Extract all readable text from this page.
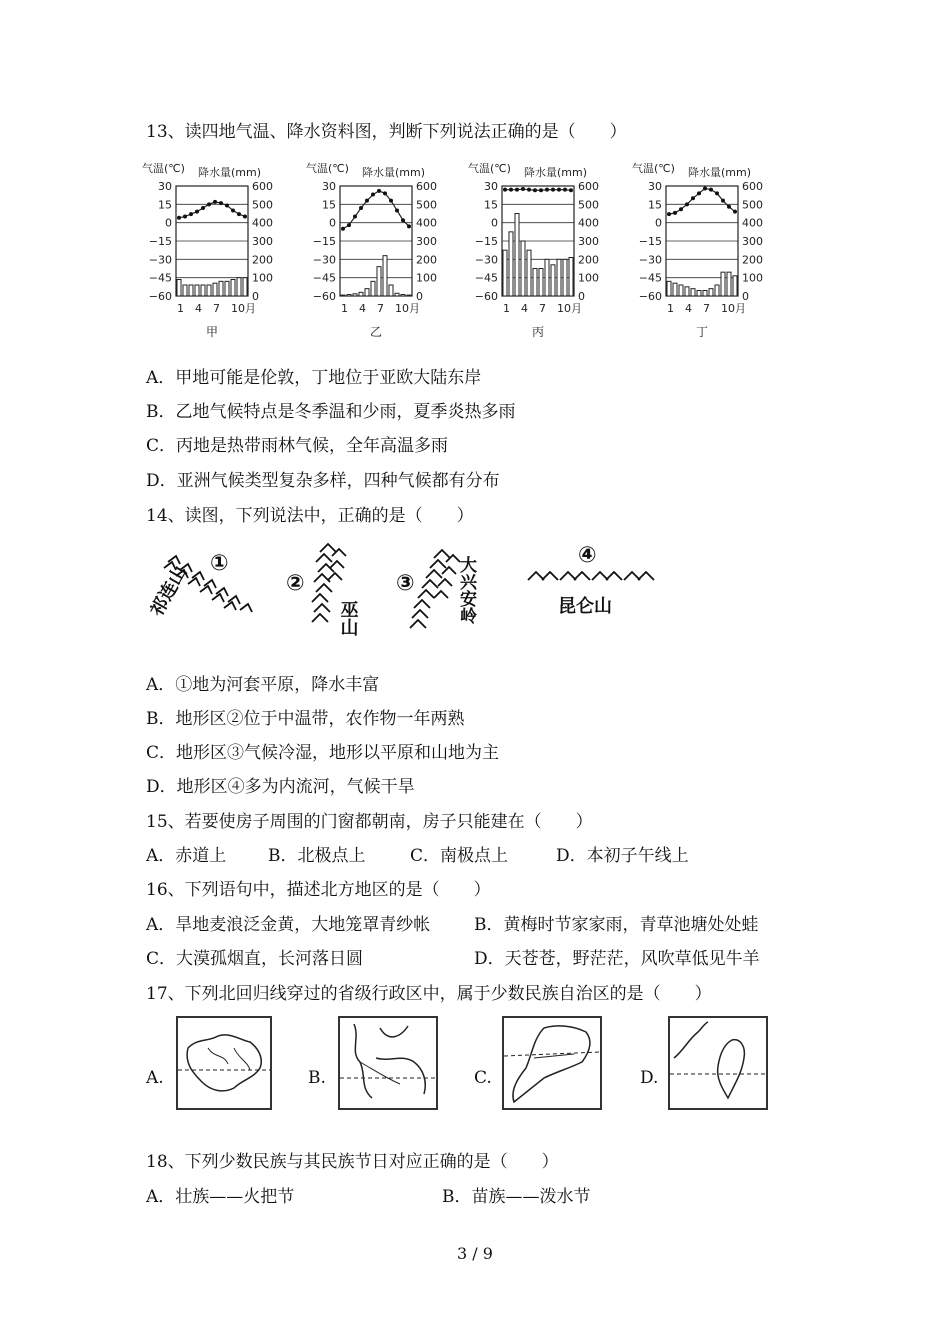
13、读四地气温、降水资料图，判断下列说法正确的是（　　）
气温(℃) 降水量(mm)
30	600
15	500
0	400
−15	300
−30	200
−45	100
−60	0
1 4 7 10月
甲
气温(℃) 降水量(mm)
30	600
15	500
0	400
−15	300
−30	200
−45	100
−60	0
1 4 7 10月
乙
气温(℃) 降水量(mm)
30	600
15	500
0	400
−15	300
−30	200
−45	100
−60	0
1 4 7 10月
丙
气温(℃) 降水量(mm)
30	600
15	500
0	400
−15	300
−30	200
−45	100
−60	0
1 4 7 10月
丁
A．甲地可能是伦敦，丁地位于亚欧大陆东岸
B．乙地气候特点是冬季温和少雨，夏季炎热多雨
C．丙地是热带雨林气候，全年高温多雨
D．亚洲气候类型复杂多样，四种气候都有分布
14、读图，下列说法中，正确的是（　　）
①
祁连山	②
巫山
③ 大兴安岭
④
昆仑山
A．①地为河套平原，降水丰富
B．地形区②位于中温带，农作物一年两熟
C．地形区③气候冷湿，地形以平原和山地为主
D．地形区④多为内流河，气候干旱
15、若要使房子周围的门窗都朝南，房子只能建在（　　）
A．赤道上 B．北极点上	C．南极点上	D．本初子午线上
16、下列语句中，描述北方地区的是（　　）
A．旱地麦浪泛金黄，大地笼罩青纱帐	B．黄梅时节家家雨，青草池塘处处蛙
C．大漠孤烟直，长河落日圆	D．天苍苍，野茫茫，风吹草低见牛羊
17、下列北回归线穿过的省级行政区中，属于少数民族自治区的是（　　）
A.	B.	C.	D.
18、下列少数民族与其民族节日对应正确的是（　　）
A．壮族——火把节	B．苗族——泼水节
3 / 9
